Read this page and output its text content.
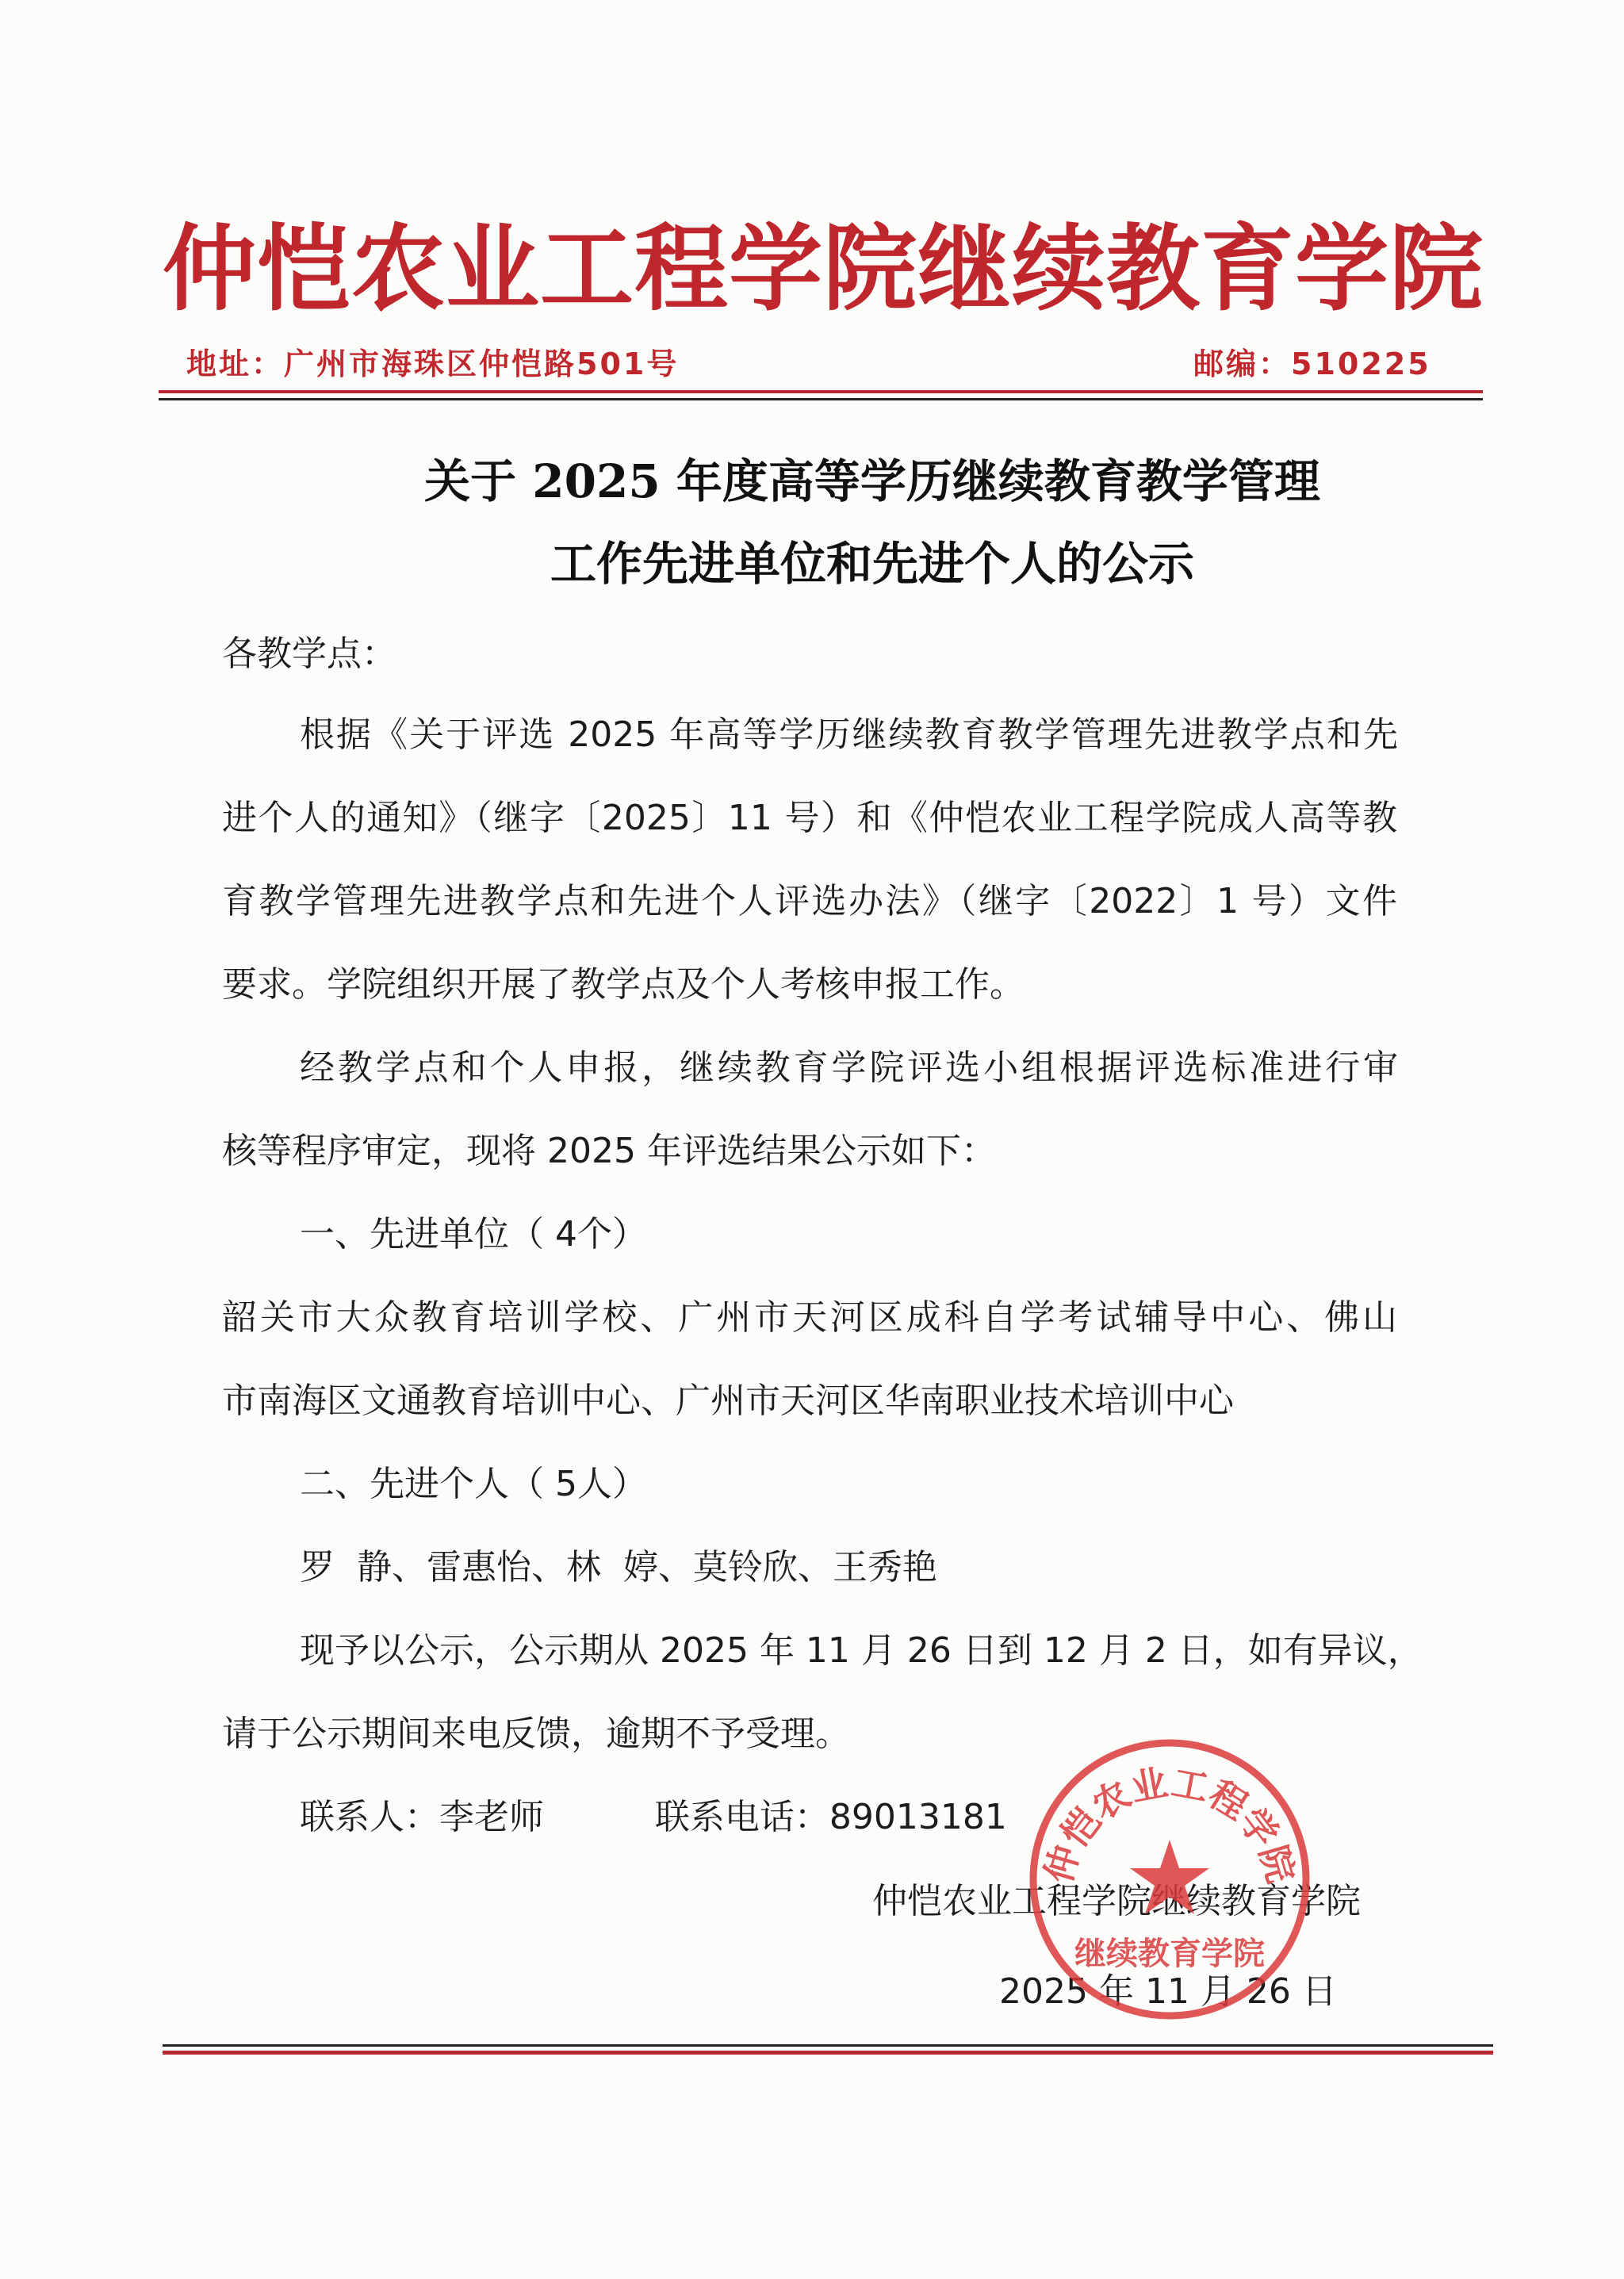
仲恺农业工程学院继续教育学院
地址：广州市海珠区仲恺路501号	邮编：510225
关于 2025 年度高等学历继续教育教学管理
工作先进单位和先进个人的公示
各教学点：
根据《关于评选 2025 年高等学历继续教育教学管理先进教学点和先
进个人的通知》（继字〔2025〕11 号）和《仲恺农业工程学院成人高等教
育教学管理先进教学点和先进个人评选办法》（继字〔2022〕1 号）文件
要求。学院组织开展了教学点及个人考核申报工作。
经教学点和个人申报，继续教育学院评选小组根据评选标准进行审
核等程序审定，现将 2025 年评选结果公示如下：
一、先进单位（ 4个）
韶关市大众教育培训学校、广州市天河区成科自学考试辅导中心、佛山
市南海区文通教育培训中心、广州市天河区华南职业技术培训中心
二、先进个人（ 5人）
罗  静、雷惠怡、林  婷、莫铃欣、王秀艳
现予以公示，公示期从 2025 年 11 月 26 日到 12 月 2 日，如有异议，
请于公示期间来电反馈，逾期不予受理。
联系人：李老师          联系电话：89013181
仲恺农业工程学院继续教育学院
2025 年 11 月 26 日
仲恺农业工程学院
继续教育学院
